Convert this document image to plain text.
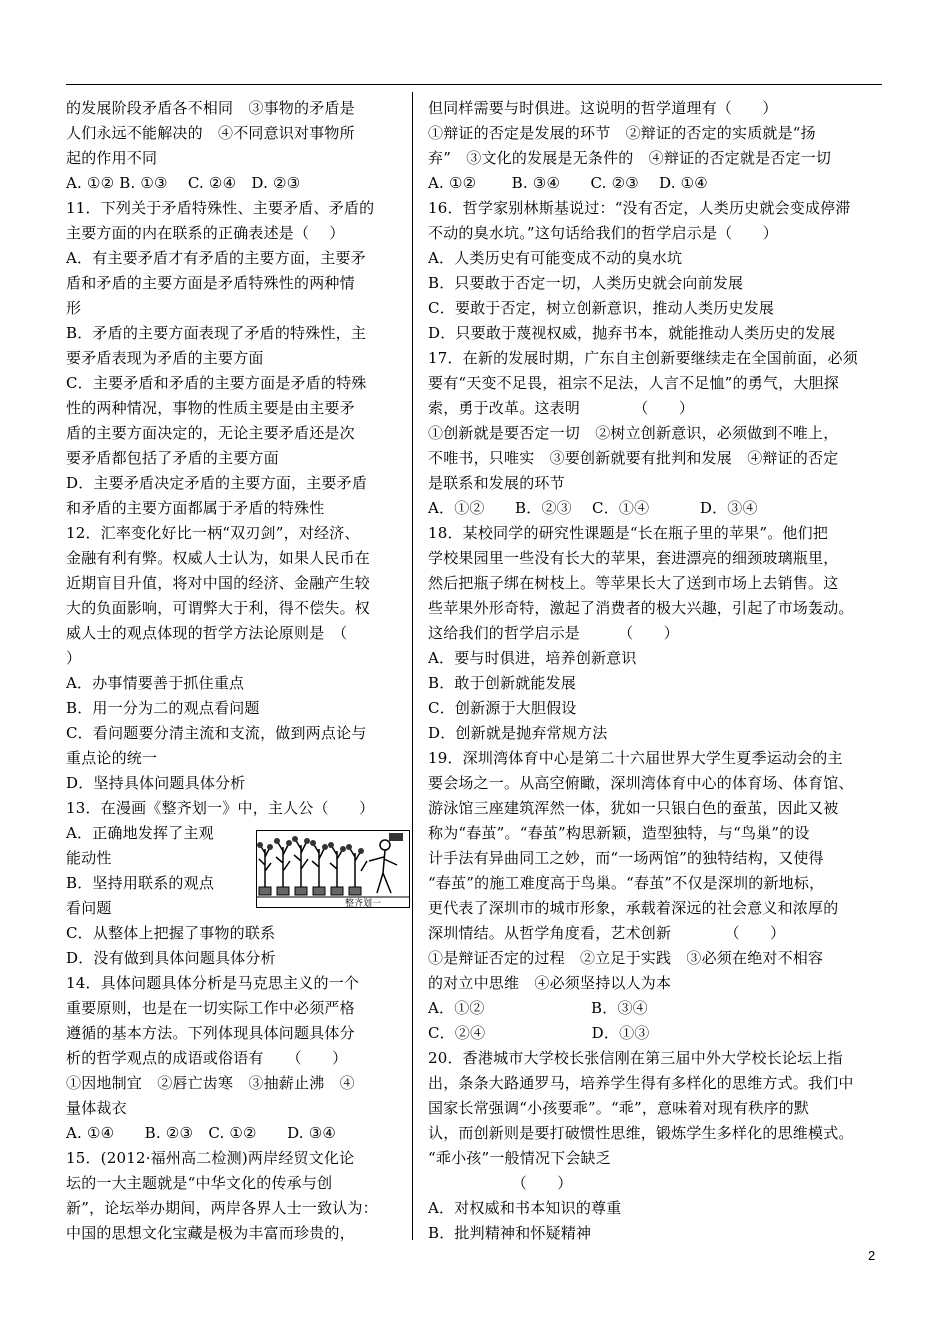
的发展阶段矛盾各不相同　③事物的矛盾是
人们永远不能解决的　④不同意识对事物所
起的作用不同
A. ①② B. ①③　 C. ②④　D. ②③
11．下列关于矛盾特殊性、主要矛盾、矛盾的
主要方面的内在联系的正确表述是（　 ）
A．有主要矛盾才有矛盾的主要方面，主要矛
盾和矛盾的主要方面是矛盾特殊性的两种情
形
B．矛盾的主要方面表现了矛盾的特殊性，主
要矛盾表现为矛盾的主要方面
C．主要矛盾和矛盾的主要方面是矛盾的特殊
性的两种情况，事物的性质主要是由主要矛
盾的主要方面决定的，无论主要矛盾还是次
要矛盾都包括了矛盾的主要方面
D．主要矛盾决定矛盾的主要方面，主要矛盾
和矛盾的主要方面都属于矛盾的特殊性
12．汇率变化好比一柄“双刃剑”，对经济、
金融有利有弊。权威人士认为，如果人民币在
近期盲目升值，将对中国的经济、金融产生较
大的负面影响，可谓弊大于利，得不偿失。权
威人士的观点体现的哲学方法论原则是　（
）
A．办事情要善于抓住重点
B．用一分为二的观点看问题
C．看问题要分清主流和支流，做到两点论与
重点论的统一
D．坚持具体问题具体分析
13．在漫画《整齐划一》中，主人公（　　）
A．正确地发挥了主观
能动性
B．坚持用联系的观点
看问题
C．从整体上把握了事物的联系
D．没有做到具体问题具体分析
14．具体问题具体分析是马克思主义的一个
重要原则，也是在一切实际工作中必须严格
遵循的基本方法。下列体现具体问题具体分
析的哲学观点的成语或俗语有　　（　　）
①因地制宜　②唇亡齿寒　③抽薪止沸　④
量体裁衣
A. ①④　　B. ②③　C. ①②　　D. ③④
15．(2012·福州高二检测)两岸经贸文化论
坛的一大主题就是“中华文化的传承与创
新”，论坛举办期间，两岸各界人士一致认为：
中国的思想文化宝藏是极为丰富而珍贵的，
但同样需要与时俱进。这说明的哲学道理有（　　）
①辩证的否定是发展的环节　②辩证的否定的实质就是“扬
弃”　③文化的发展是无条件的　④辩证的否定就是否定一切
A. ①②　　 B. ③④　　C. ②③　 D. ①④
16．哲学家别林斯基说过：“没有否定，人类历史就会变成停滞
不动的臭水坑。”这句话给我们的哲学启示是（　　）
A．人类历史有可能变成不动的臭水坑
B．只要敢于否定一切，人类历史就会向前发展
C．要敢于否定，树立创新意识，推动人类历史发展
D．只要敢于蔑视权威，抛弃书本，就能推动人类历史的发展
17．在新的发展时期，广东自主创新要继续走在全国前面，必须
要有“天变不足畏，祖宗不足法，人言不足恤”的勇气，大胆探
索，勇于改革。这表明　　　　（　　）
①创新就是要否定一切　②树立创新意识，必须做到不唯上，
不唯书，只唯实　③要创新就要有批判和发展　④辩证的否定
是联系和发展的环节
A．①②　　B．②③　 C．①④　　　 D．③④
18．某校同学的研究性课题是“长在瓶子里的苹果”。他们把
学校果园里一些没有长大的苹果，套进漂亮的细颈玻璃瓶里，
然后把瓶子绑在树枝上。等苹果长大了送到市场上去销售。这
些苹果外形奇特，激起了消费者的极大兴趣，引起了市场轰动。
这给我们的哲学启示是　　　（　　）
A．要与时俱进，培养创新意识
B．敢于创新就能发展
C．创新源于大胆假设
D．创新就是抛弃常规方法
19．深圳湾体育中心是第二十六届世界大学生夏季运动会的主
要会场之一。从高空俯瞰，深圳湾体育中心的体育场、体育馆、
游泳馆三座建筑浑然一体，犹如一只银白色的蚕茧，因此又被
称为“春茧”。“春茧”构思新颖，造型独特，与“鸟巢”的设
计手法有异曲同工之妙，而“一场两馆”的独特结构，又使得
“春茧”的施工难度高于鸟巢。“春茧”不仅是深圳的新地标，
更代表了深圳市的城市形象，承载着深远的社会意义和浓厚的
深圳情结。从哲学角度看，艺术创新　　　　（　　）
①是辩证否定的过程　②立足于实践　③必须在绝对不相容
的对立中思维　④必须坚持以人为本
A．①②　　　　　　　B．③④
C．②④　　　　　　　D．①③
20．香港城市大学校长张信刚在第三届中外大学校长论坛上指
出，条条大路通罗马，培养学生得有多样化的思维方式。我们中
国家长常强调“小孩要乖”。“乖”，意味着对现有秩序的默
认，而创新则是要打破惯性思维，锻炼学生多样化的思维模式。
“乖小孩”一般情况下会缺乏
　　　　　　（　　）
A．对权威和书本知识的尊重
B．批判精神和怀疑精神
整齐划一
2
